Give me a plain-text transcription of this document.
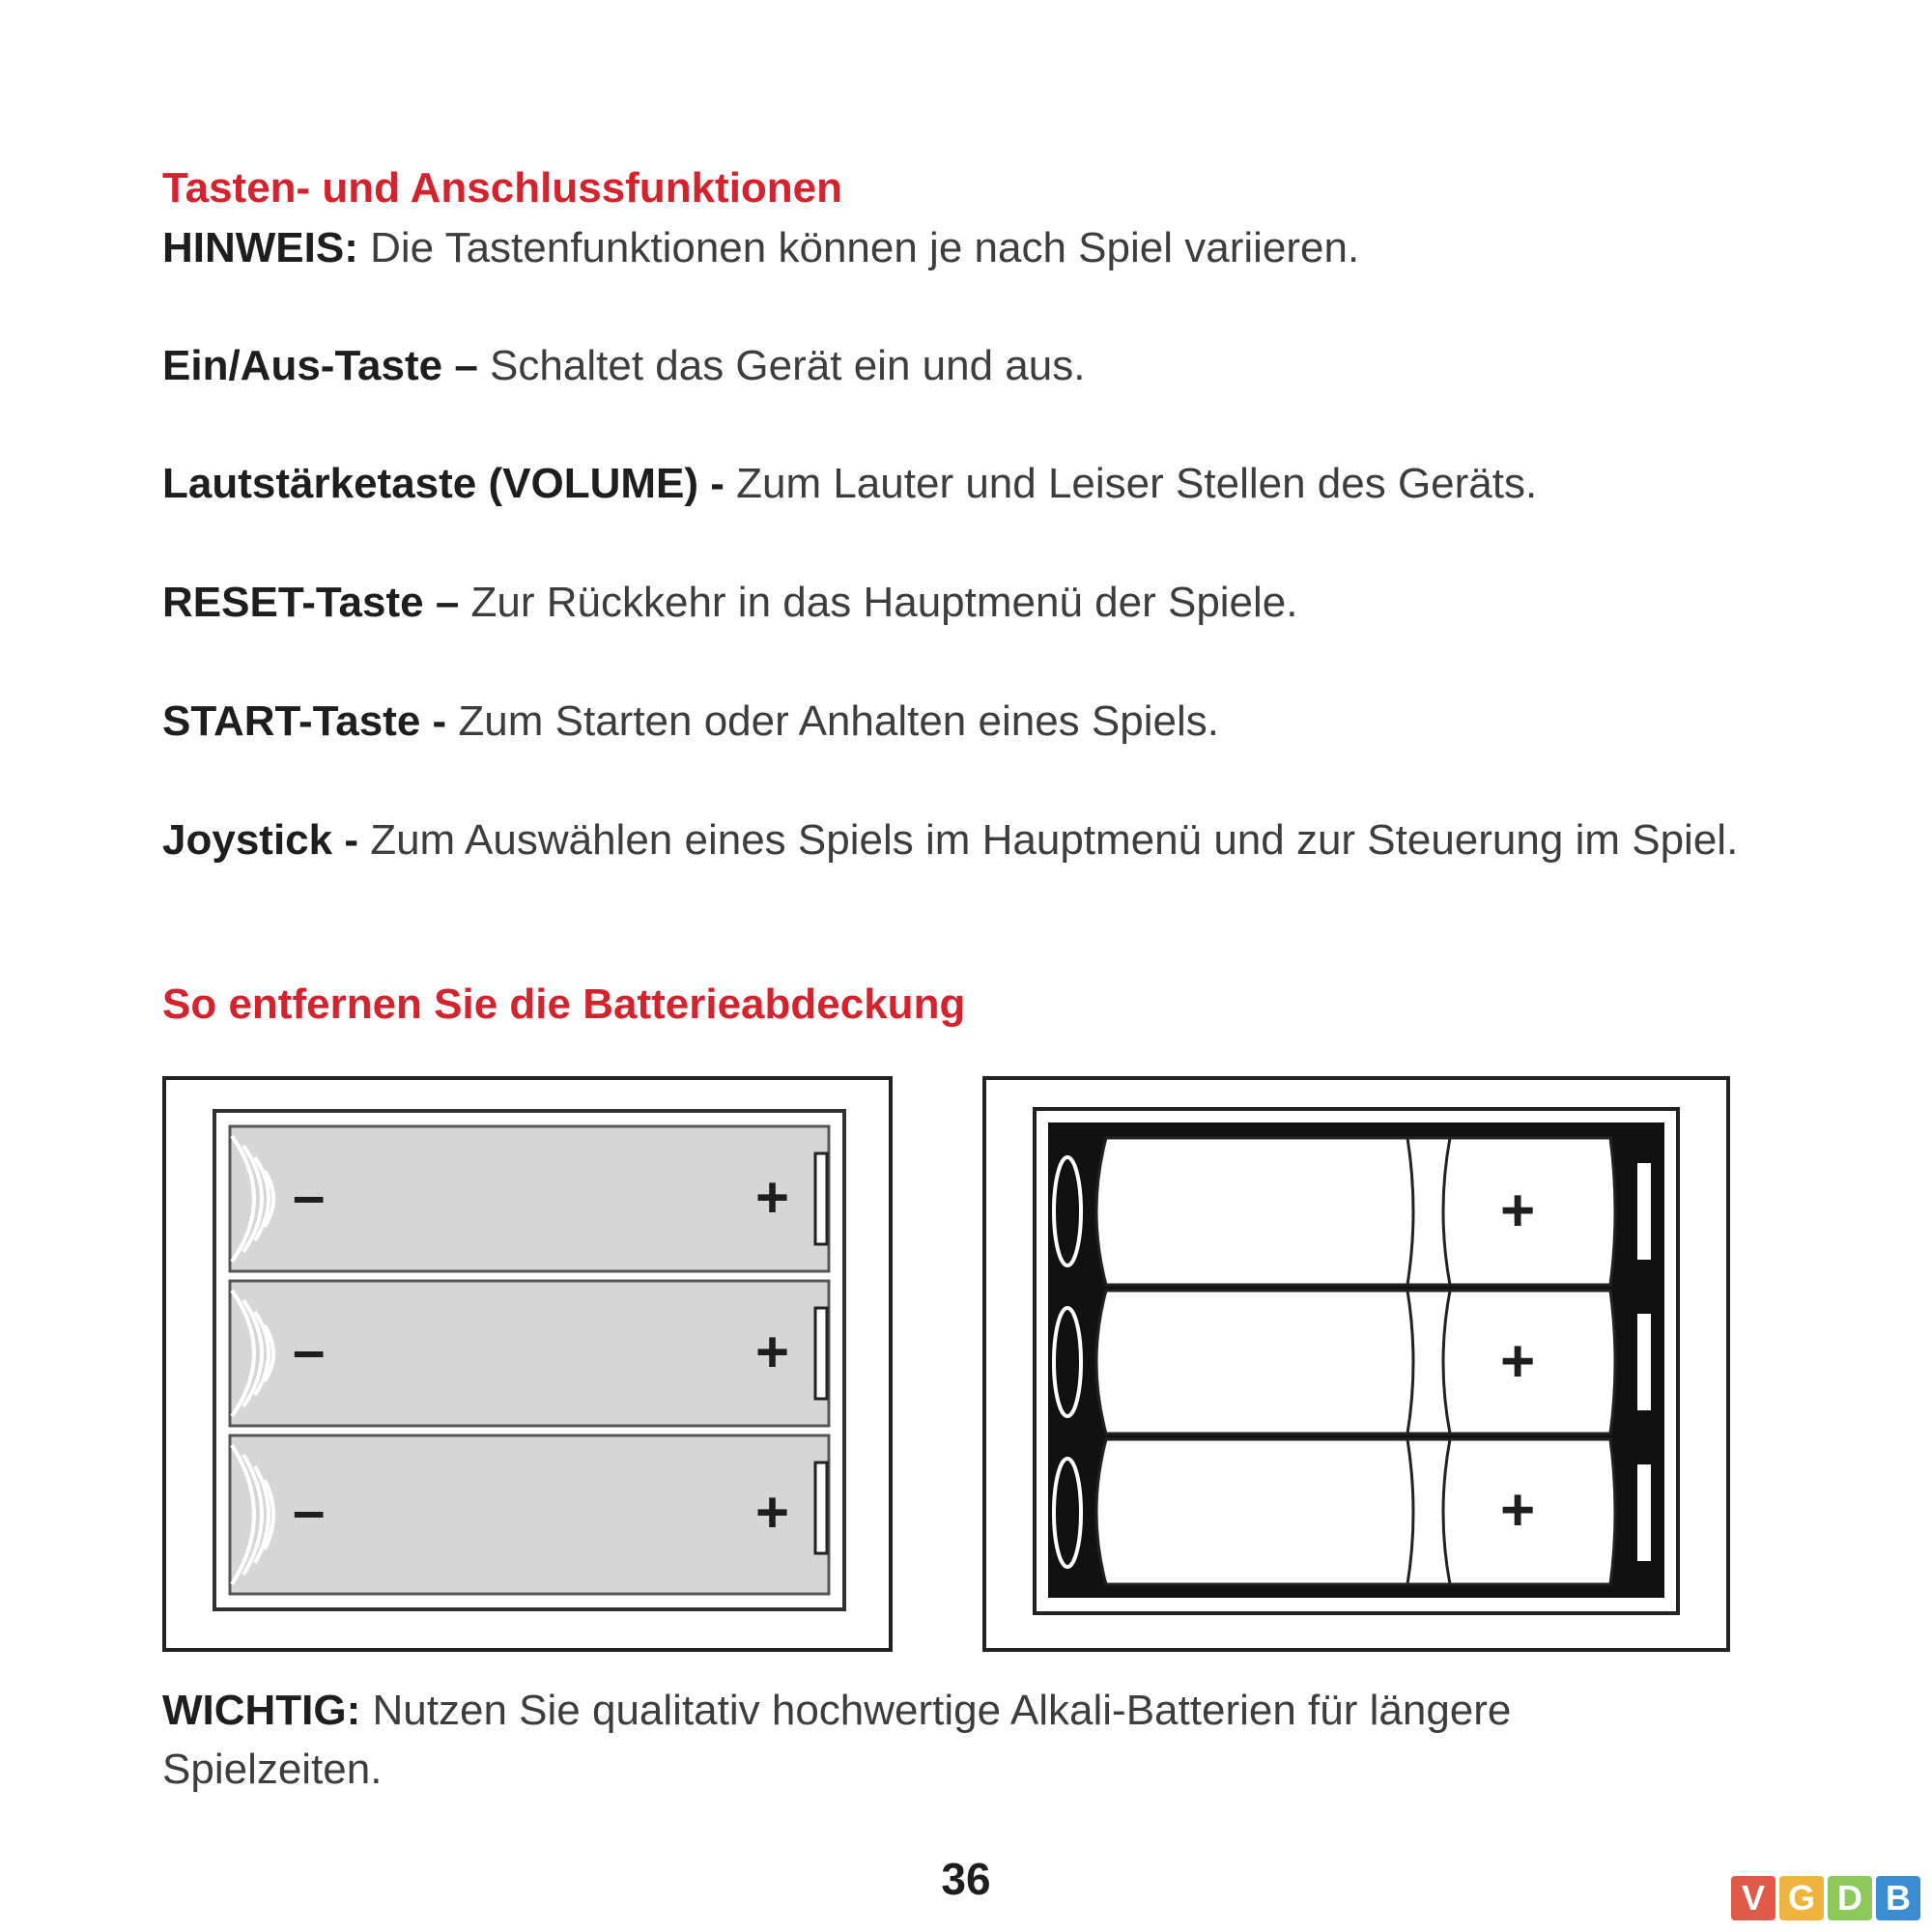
Tasten- und Anschlussfunktionen
HINWEIS: Die Tastenfunktionen können je nach Spiel variieren.
Ein/Aus-Taste – Schaltet das Gerät ein und aus.
Lautstärketaste (VOLUME) - Zum Lauter und Leiser Stellen des Geräts.
RESET-Taste – Zur Rückkehr in das Hauptmenü der Spiele.
START-Taste - Zum Starten oder Anhalten eines Spiels.
Joystick - Zum Auswählen eines Spiels im Hauptmenü und zur Steuerung im Spiel.
So entfernen Sie die Batterieabdeckung
–
–
–
+
+
+
+
+
+
WICHTIG: Nutzen Sie qualitativ hochwertige Alkali-Batterien für längere Spielzeiten.
36	V G D B
